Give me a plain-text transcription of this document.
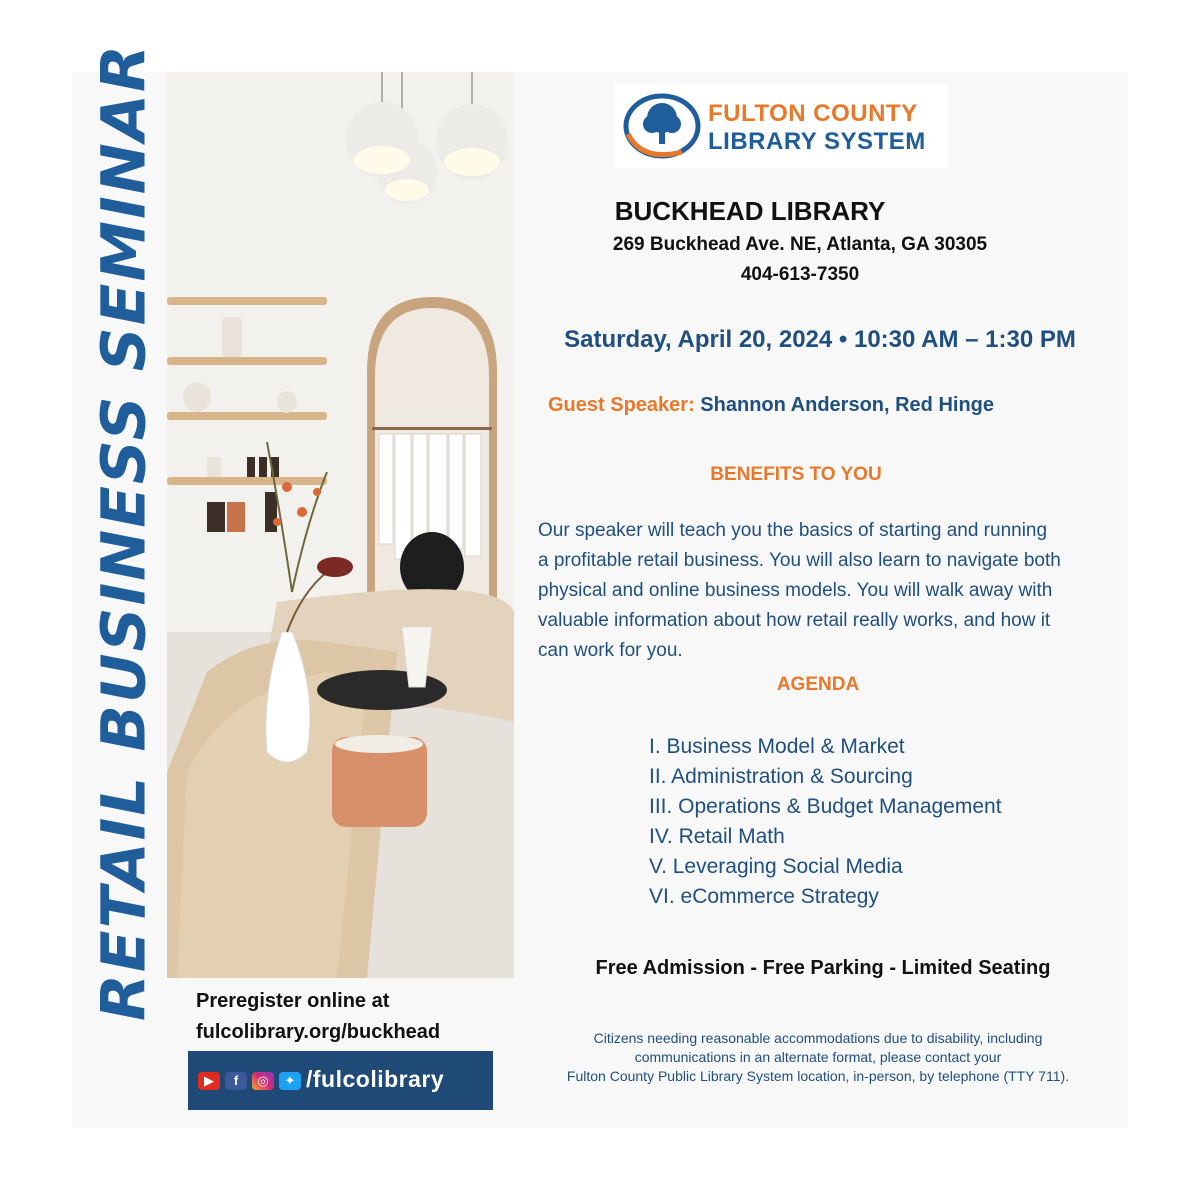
RETAIL BUSINESS SEMINAR	FULTON COUNTY
LIBRARY SYSTEM
BUCKHEAD LIBRARY
269 Buckhead Ave. NE, Atlanta, GA 30305
404-613-7350
Saturday, April 20, 2024 • 10:30 AM – 1:30 PM
Guest Speaker: Shannon Anderson, Red Hinge
BENEFITS TO YOU
Our speaker will teach you the basics of starting and running
a profitable retail business. You will also learn to navigate both
physical and online business models. You will walk away with
valuable information about how retail really works, and how it
can work for you.
AGENDA
I. Business Model & Market
II. Administration & Sourcing
III. Operations & Budget Management
IV. Retail Math
V. Leveraging Social Media
VI. eCommerce Strategy
Free Admission - Free Parking - Limited Seating
Preregister online at
fulcolibrary.org/buckhead
▶	f	◎	✦ /fulcolibrary
Citizens needing reasonable accommodations due to disability, including
communications in an alternate format, please contact your
Fulton County Public Library System location, in-person, by telephone (TTY 711).
